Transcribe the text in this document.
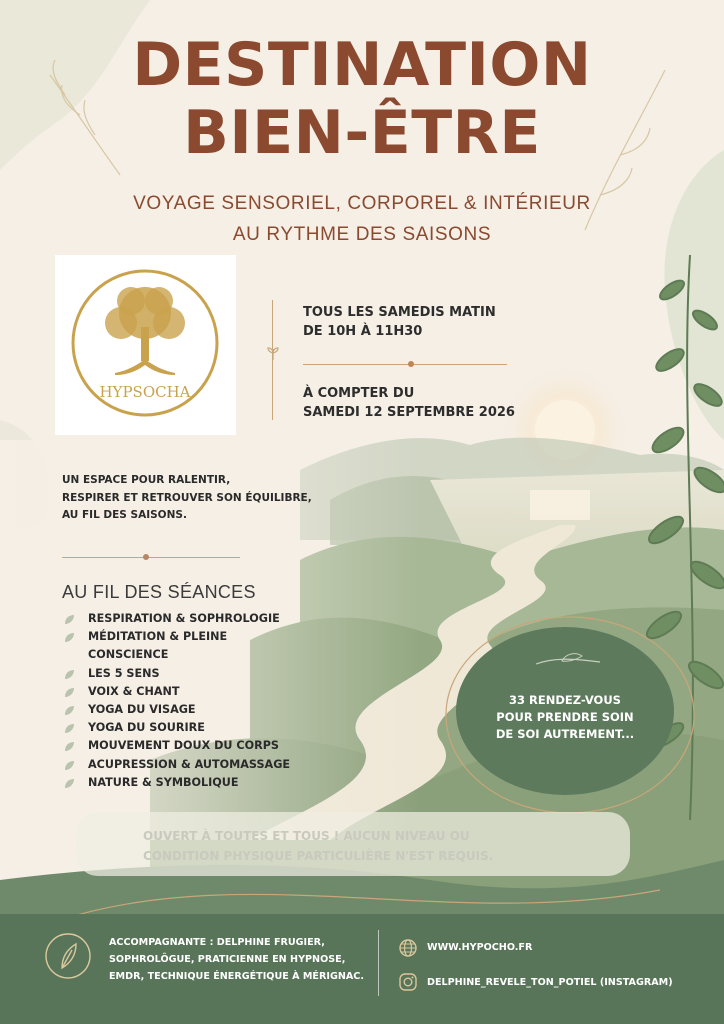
DESTINATION
BIEN-ÊTRE
VOYAGE SENSORIEL, CORPOREL & INTÉRIEUR
AU RYTHME DES SAISONS
HYPSOCHA
TOUS LES SAMEDIS MATIN
DE 10H À 11H30
À COMPTER DU
SAMEDI 12 SEPTEMBRE 2026
UN ESPACE POUR RALENTIR,
RESPIRER ET RETROUVER SON ÉQUILIBRE,
AU FIL DES SAISONS.
AU FIL DES SÉANCES
RESPIRATION & SOPHROLOGIE
MÉDITATION & PLEINE
CONSCIENCE
LES 5 SENS
VOIX & CHANT
YOGA DU VISAGE
YOGA DU SOURIRE
MOUVEMENT DOUX DU CORPS
ACUPRESSION & AUTOMASSAGE
NATURE & SYMBOLIQUE
33 RENDEZ-VOUS
POUR PRENDRE SOIN
DE SOI AUTREMENT...
OUVERT À TOUTES ET TOUS ! AUCUN NIVEAU OU
CONDITION PHYSIQUE PARTICULIÈRE N'EST REQUIS.
ACCOMPAGNANTE : DELPHINE FRUGIER,
SOPHROLÔGUE, PRATICIENNE EN HYPNOSE,
EMDR, TECHNIQUE ÉNERGÉTIQUE À MÉRIGNAC.
WWW.HYPOCHO.FR
DELPHINE_REVELE_TON_POTIEL (INSTAGRAM)
